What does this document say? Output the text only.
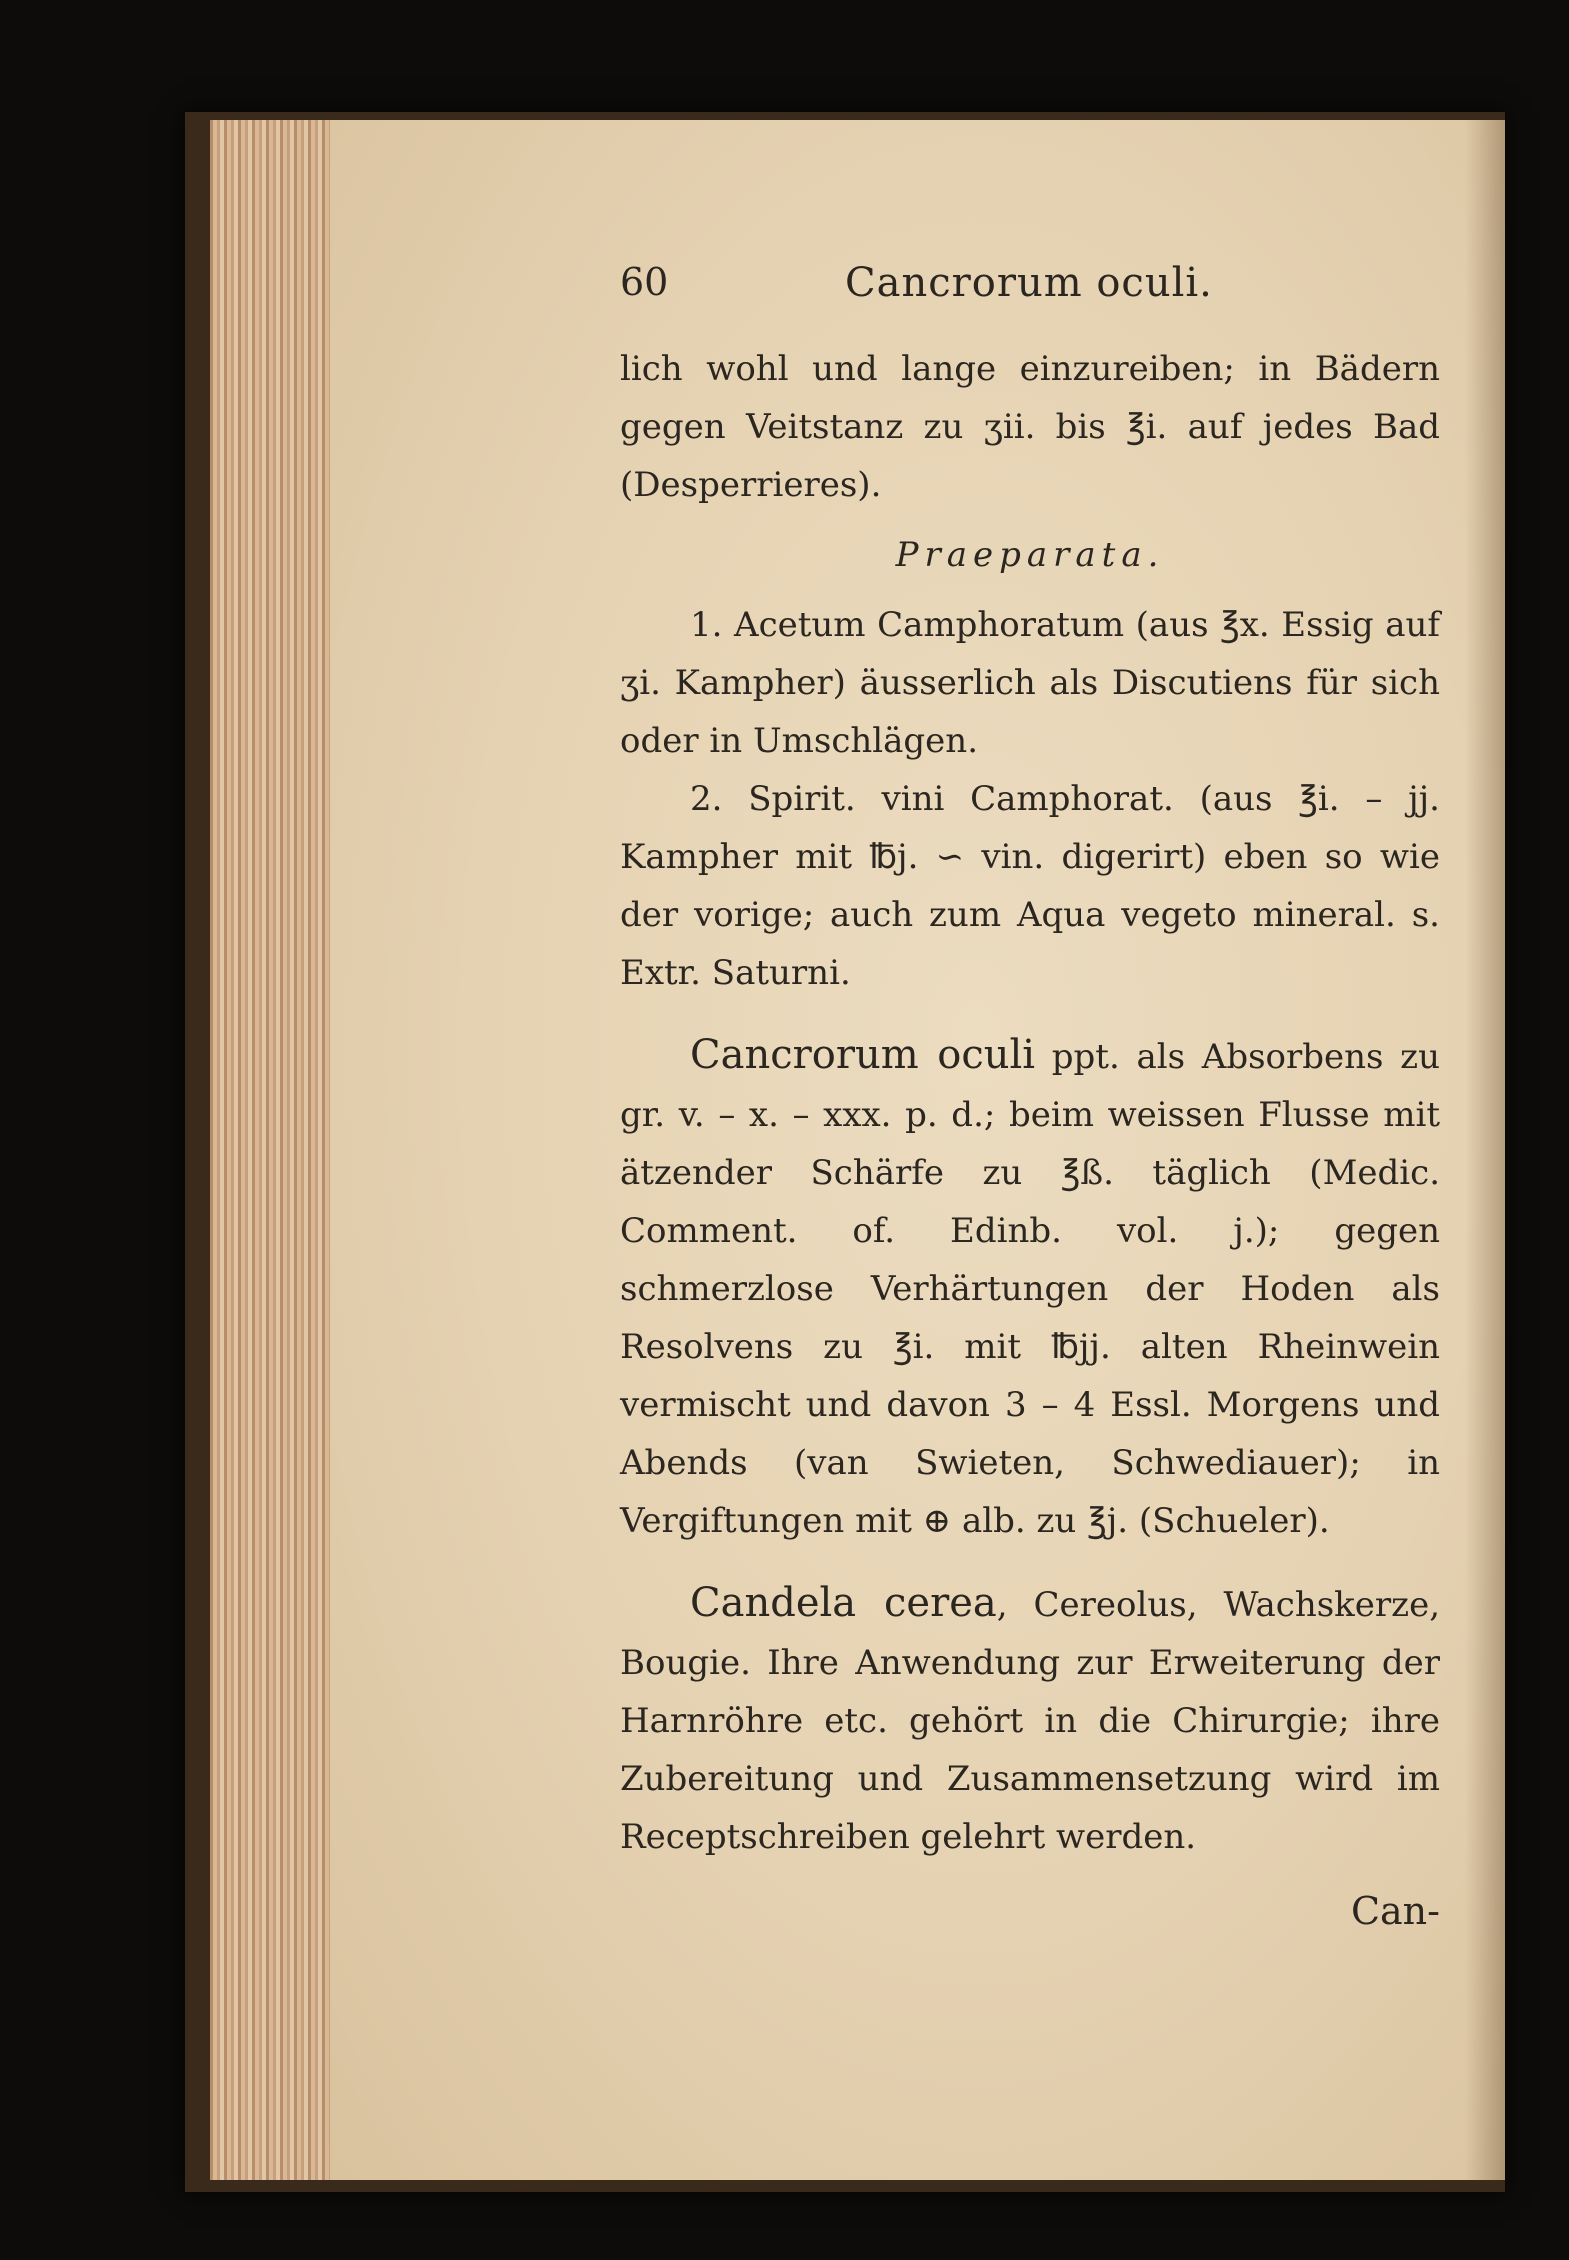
60	Cancrorum oculi.

lich wohl und lange einzureiben; in Bädern gegen Veitstanz zu ʒii. bis ℥i. auf jedes Bad (Desperrieres).

Praeparata.

1. Acetum Camphoratum (aus ℥x. Essig auf ʒi. Kampher) äusserlich als Discutiens für sich oder in Umschlägen.

2. Spirit. vini Camphorat. (aus ℥i. – jj. Kampher mit ℔j. ∽ vin. digerirt) eben so wie der vorige; auch zum Aqua vegeto mineral. s. Extr. Saturni.

Cancrorum oculi ppt. als Absorbens zu gr. v. – x. – xxx. p. d.; beim weissen Flusse mit ätzender Schärfe zu ℥ß. täglich (Medic. Comment. of. Edinb. vol. j.); gegen schmerzlose Verhärtungen der Hoden als Resolvens zu ℥i. mit ℔jj. alten Rheinwein vermischt und davon 3 – 4 Essl. Morgens und Abends (van Swieten, Schwediauer); in Vergiftungen mit ⊕ alb. zu ℥j. (Schueler).

Candela cerea, Cereolus, Wachskerze, Bougie. Ihre Anwendung zur Erweiterung der Harnröhre etc. gehört in die Chirurgie; ihre Zubereitung und Zusammensetzung wird im Receptschreiben gelehrt werden.

Can-
